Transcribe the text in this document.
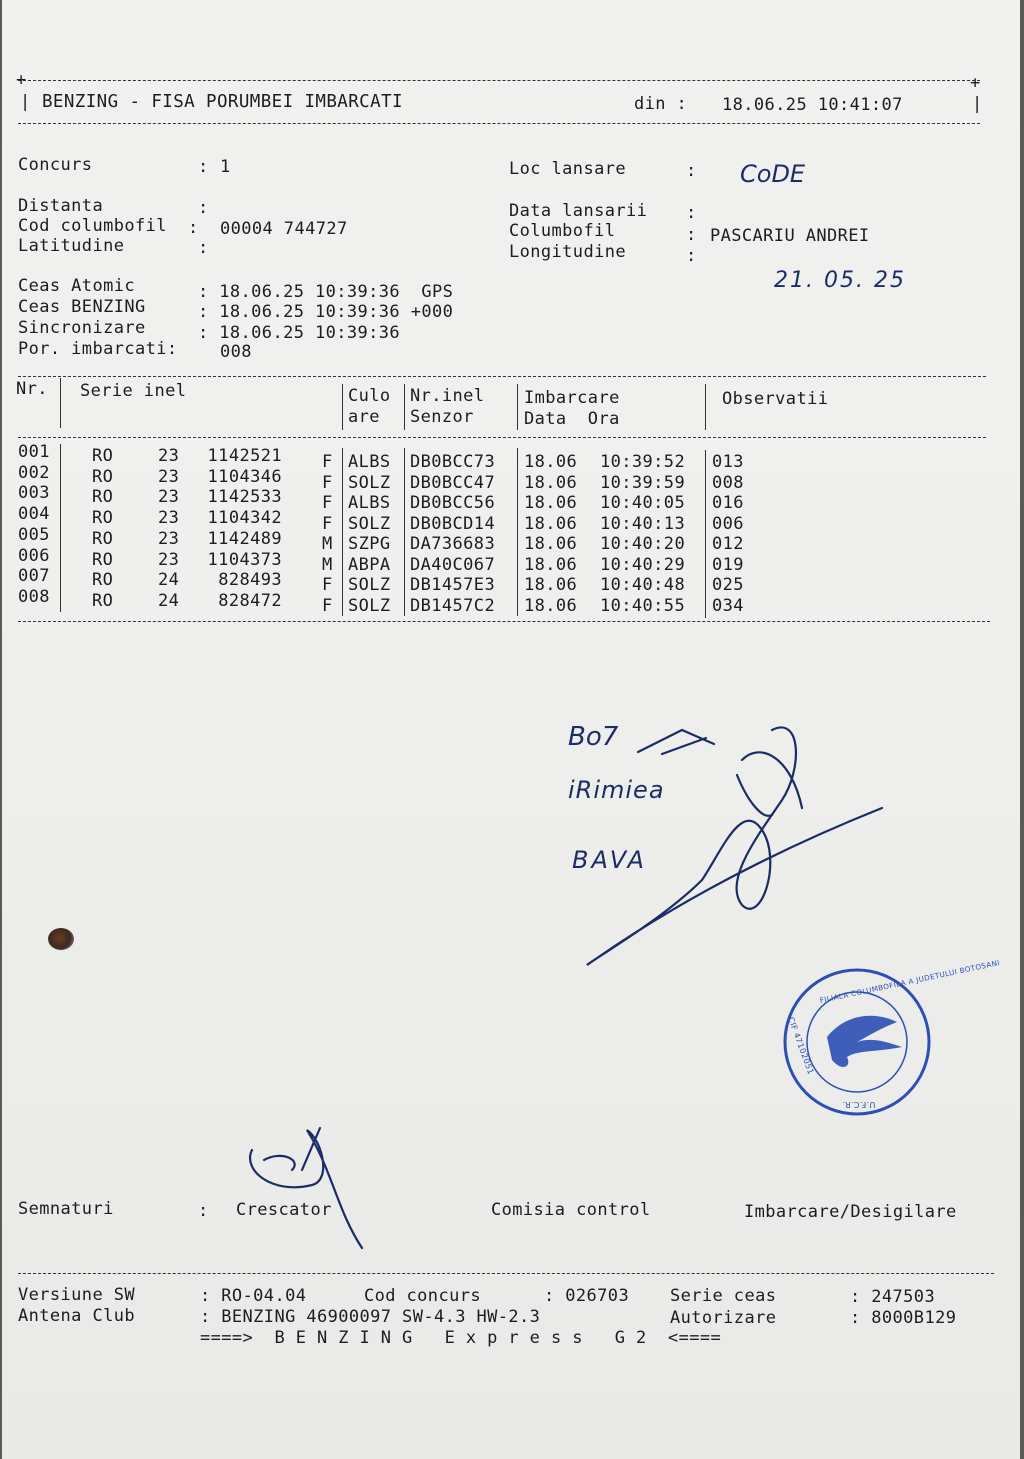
+	+
| BENZING - FISA PORUMBEI IMBARCATI	din : 18.06.25 10:41:07	|
Concurs	: 1
Distanta	:
Cod columbofil : 00004 744727
Latitudine	:
Loc lansare	: CoDE
Data lansarii :
Columbofil	: PASCARIU ANDREI
Longitudine	:
21. 05. 25
Ceas Atomic	: 18.06.25 10:39:36  GPS
Ceas BENZING	: 18.06.25 10:39:36 +000
Sincronizare	: 18.06.25 10:39:36
Por. imbarcati: 008
Nr. Serie inel	Culo
are
Nr.inel
Senzor
Imbarcare
Data  Ora
Observatii
001 RO	23	1142521 F ALBS DB0BCC73 18.06 10:39:52 013
002 RO	23	1104346 F SOLZ DB0BCC47 18.06 10:39:59 008
003 RO	23	1142533 F ALBS DB0BCC56 18.06 10:40:05 016
004 RO	23	1104342 F SOLZ DB0BCD14 18.06 10:40:13 006
005 RO	23	1142489 M SZPG DA736683 18.06 10:40:20 012
006 RO	23	1104373 M ABPA DA40C067 18.06 10:40:29 019
007 RO	24	828493 F SOLZ DB1457E3 18.06 10:40:48 025
008 RO	24	828472 F SOLZ DB1457C2 18.06 10:40:55 034
Bo7
iRimiea
BAVA
FILIALA COLUMBOFILA A JUDETULUI BOTOSANI
CIF 47102051
U.F.C.R.
Semnaturi	: Crescator	Comisia control	Imbarcare/Desigilare
Versiune SW	: RO-04.04	Cod concurs	: 026703 Serie ceas	: 247503
Antena Club	: BENZING 46900097 SW-4.3 HW-2.3	Autorizare	: 8000B129
====>  B E N Z I N G   E x p r e s s   G 2  <====
